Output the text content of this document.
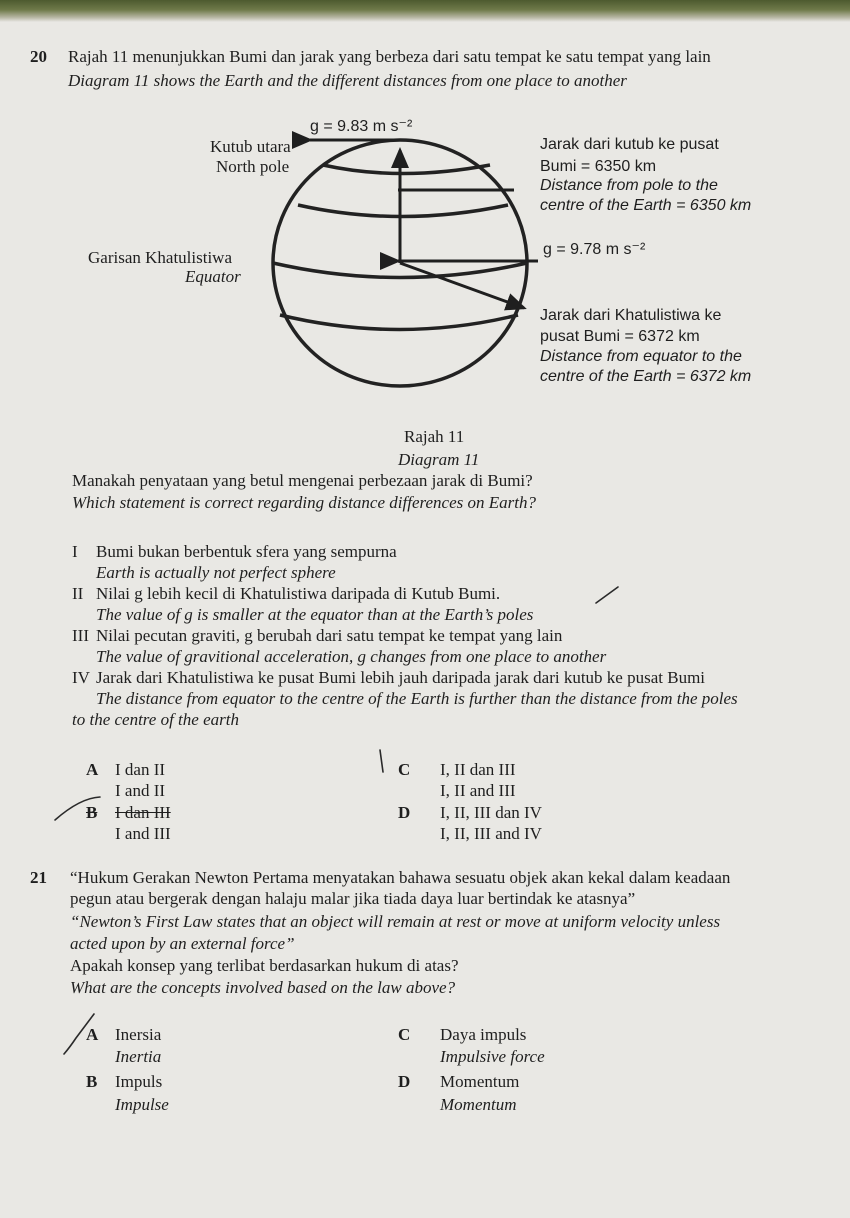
20 Rajah 11 menunjukkan Bumi dan jarak yang berbeza dari satu tempat ke satu tempat yang lain
Diagram 11 shows the Earth and the different distances from one place to another
g = 9.83 m s⁻²
Kutub utara
North pole
Garisan Khatulistiwa
Equator
Jarak dari kutub ke pusat
Bumi = 6350 km
Distance from pole to the
centre of the Earth = 6350 km
g = 9.78 m s⁻²
Jarak dari Khatulistiwa ke
pusat Bumi = 6372 km
Distance from equator to the
centre of the Earth = 6372 km
Rajah 11
Diagram 11
Manakah penyataan yang betul mengenai perbezaan jarak di Bumi?
Which statement is correct regarding distance differences on Earth?
I Bumi bukan berbentuk sfera yang sempurna
Earth is actually not perfect sphere
II Nilai g lebih kecil di Khatulistiwa daripada di Kutub Bumi.
The value of g is smaller at the equator than at the Earth’s poles
III Nilai pecutan graviti, g berubah dari satu tempat ke tempat yang lain
The value of gravitional acceleration, g changes from one place to another
IV Jarak dari Khatulistiwa ke pusat Bumi lebih jauh daripada jarak dari kutub ke pusat Bumi
The distance from equator to the centre of the Earth is further than the distance from the poles
to the centre of the earth
A I dan II
I and II
B I dan III
I and III
C I, II dan III
I, II and III
D I, II, III dan IV
I, II, III and IV
21 “Hukum Gerakan Newton Pertama menyatakan bahawa sesuatu objek akan kekal dalam keadaan
pegun atau bergerak dengan halaju malar jika tiada daya luar bertindak ke atasnya”
“Newton’s First Law states that an object will remain at rest or move at uniform velocity unless
acted upon by an external force”
Apakah konsep yang terlibat berdasarkan hukum di atas?
What are the concepts involved based on the law above?
A Inersia
Inertia
B Impuls
Impulse
C Daya impuls
Impulsive force
D Momentum
Momentum
